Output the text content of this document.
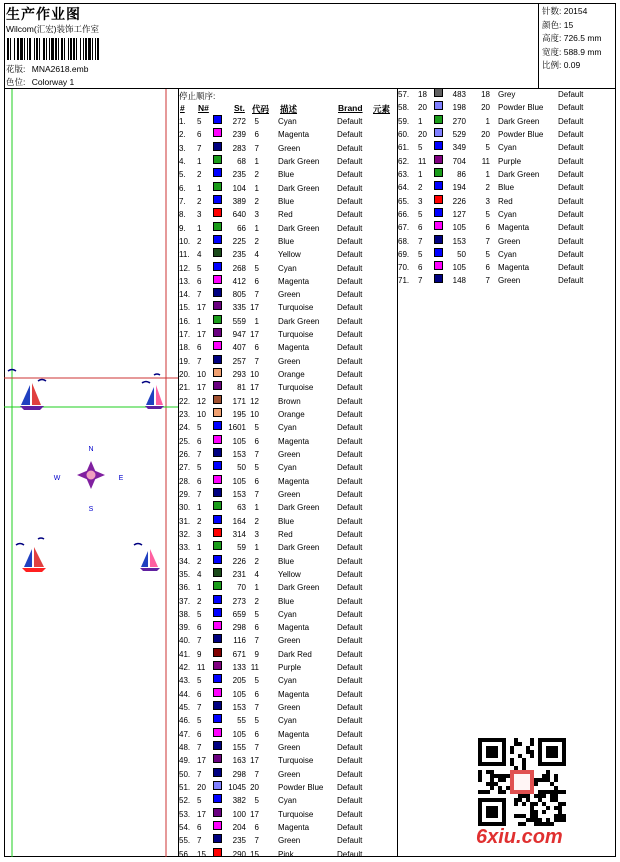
生产作业图
Wilcom(汇宏)装饰工作室
花版: MNA2618.emb
色位: Colorway 1
针数: 20154
颜色: 15
高度: 726.5 mm
宽度: 588.9 mm
比例: 0.09
N
S
W	E
停止顺序:
# N#	St. 代码 描述	Brand 元素
1. 5	272	5 Cyan	Default
2. 6	239	6 Magenta	Default
3. 7	283	7 Green	Default
4. 1	68	1 Dark Green Default
5. 2	235	2 Blue	Default
6. 1	104	1 Dark Green Default
7. 2	389	2 Blue	Default
8. 3	640	3 Red	Default
9. 1	66	1 Dark Green Default
10. 2	225	2 Blue	Default
11. 4	235	4 Yellow	Default
12. 5	268	5 Cyan	Default
13. 6	412	6 Magenta	Default
14. 7	805	7 Green	Default
15. 17	335 17 Turquoise	Default
16. 1	559	1 Dark Green Default
17. 17	947 17 Turquoise	Default
18. 6	407	6 Magenta	Default
19. 7	257	7 Green	Default
20. 10	293 10 Orange	Default
21. 17	81 17 Turquoise	Default
22. 12	171 12 Brown	Default
23. 10	195 10 Orange	Default
24. 5	1601	5 Cyan	Default
25. 6	105	6 Magenta	Default
26. 7	153	7 Green	Default
27. 5	50	5 Cyan	Default
28. 6	105	6 Magenta	Default
29. 7	153	7 Green	Default
30. 1	63	1 Dark Green Default
31. 2	164	2 Blue	Default
32. 3	314	3 Red	Default
33. 1	59	1 Dark Green Default
34. 2	226	2 Blue	Default
35. 4	231	4 Yellow	Default
36. 1	70	1 Dark Green Default
37. 2	273	2 Blue	Default
38. 5	659	5 Cyan	Default
39. 6	298	6 Magenta	Default
40. 7	116	7 Green	Default
41. 9	671	9 Dark Red	Default
42. 11	133 11 Purple	Default
43. 5	205	5 Cyan	Default
44. 6	105	6 Magenta	Default
45. 7	153	7 Green	Default
46. 5	55	5 Cyan	Default
47. 6	105	6 Magenta	Default
48. 7	155	7 Green	Default
49. 17	163 17 Turquoise	Default
50. 7	298	7 Green	Default
51. 20	1045 20 Powder Blue Default
52. 5	382	5 Cyan	Default
53. 17	100 17 Turquoise	Default
54. 6	204	6 Magenta	Default
55. 7	235	7 Green	Default
56. 15	290 15 Pink	Default
57. 18	483	18 Grey	Default
58. 20	198	20 Powder Blue Default
59. 1	270	1 Dark Green Default
60. 20	529	20 Powder Blue Default
61. 5	349	5 Cyan	Default
62. 11	704	11 Purple	Default
63. 1	86	1 Dark Green Default
64. 2	194	2 Blue	Default
65. 3	226	3 Red	Default
66. 5	127	5 Cyan	Default
67. 6	105	6 Magenta	Default
68. 7	153	7 Green	Default
69. 5	50	5 Cyan	Default
70. 6	105	6 Magenta	Default
71. 7	148	7 Green	Default
6xiu.com
